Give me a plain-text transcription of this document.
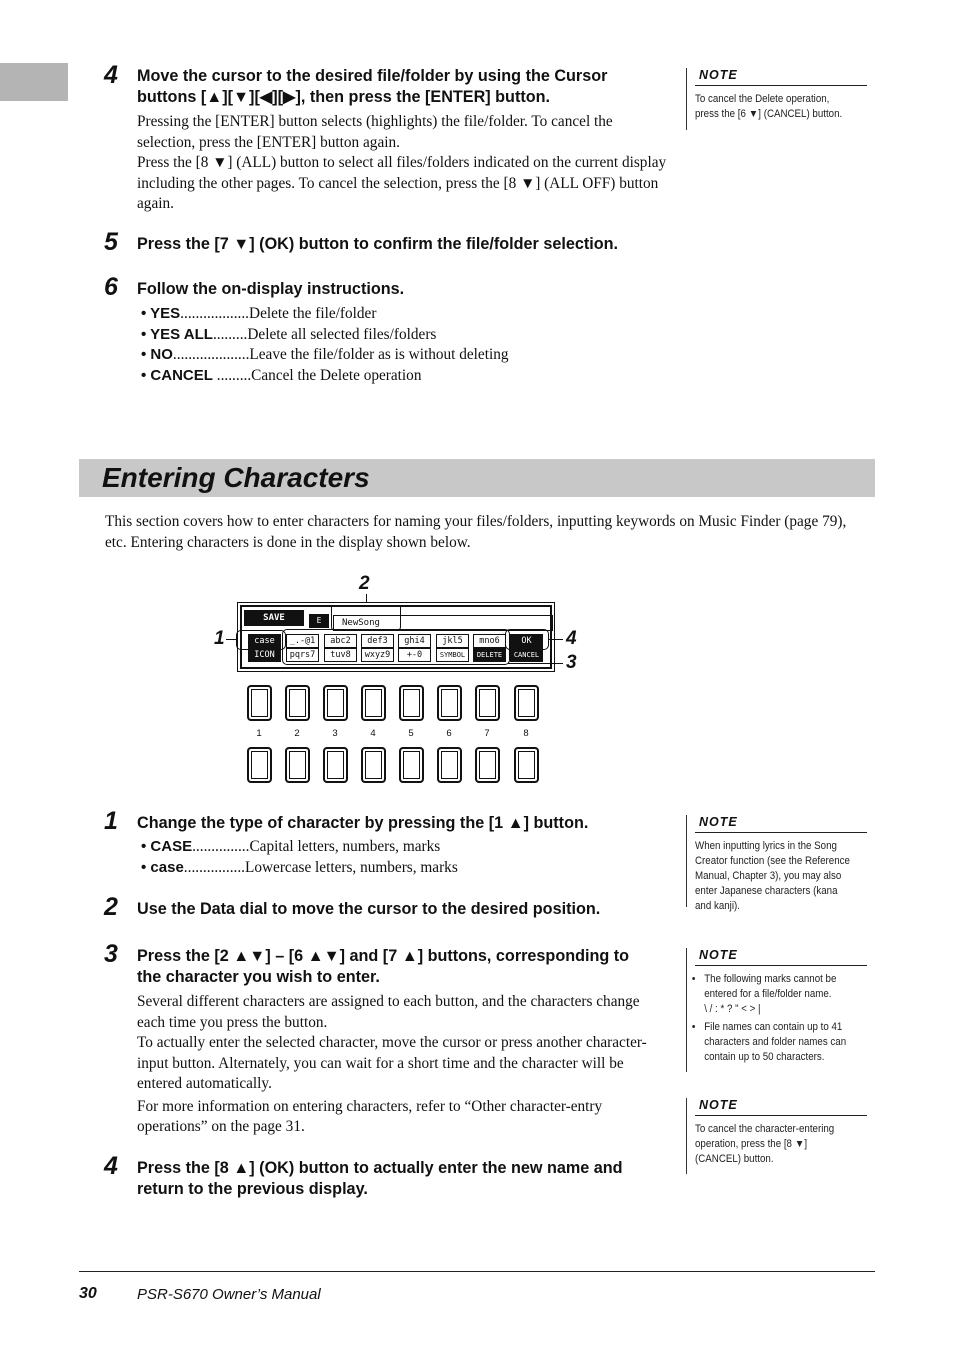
4 Move the cursor to the desired file/folder by using the Cursor
buttons [▲][▼][◀][▶], then press the [ENTER] button.
Pressing the [ENTER] button selects (highlights) the file/folder. To cancel the selection, press the [ENTER] button again.
Press the [8 ▼] (ALL) button to select all files/folders indicated on the current display including the other pages. To cancel the selection, press the [8 ▼] (ALL OFF) button again.
NOTE
To cancel the Delete operation, press the [6 ▼] (CANCEL) button.
5 Press the [7 ▼] (OK) button to confirm the file/folder selection.
6 Follow the on-display instructions.
• YES..................Delete the file/folder
• YES ALL.........Delete all selected files/folders
• NO....................Leave the file/folder as is without deleting
• CANCEL .........Cancel the Delete operation
Entering Characters
This section covers how to enter characters for naming your files/folders, inputting keywords on Music Finder (page 79), etc. Entering characters is done in the display shown below.
2
SAVE	E	NewSong
1	4
3
case	_.-@1	abc2	def3	ghi4	jkl5	mno6	OK
ICON	pqrs7	tuv8	wxyz9	+-0	SYMBOL	DELETE	CANCEL
1	2	3	4	5	6	7	8
1 Change the type of character by pressing the [1 ▲] button.
• CASE...............Capital letters, numbers, marks
• case................Lowercase letters, numbers, marks
2 Use the Data dial to move the cursor to the desired position.
3 Press the [2 ▲▼] – [6 ▲▼] and [7 ▲] buttons, corresponding to
the character you wish to enter.
Several different characters are assigned to each button, and the characters change each time you press the button.
To actually enter the selected character, move the cursor or press another character-input button. Alternately, you can wait for a short time and the character will be entered automatically.
For more information on entering characters, refer to “Other character-entry operations” on the page 31.
4 Press the [8 ▲] (OK) button to actually enter the new name and
return to the previous display.
NOTE
When inputting lyrics in the Song Creator function (see the Reference Manual, Chapter 3), you may also enter Japanese characters (kana and kanji).
NOTE
• The following marks cannot be entered for a file/folder name.
\ / : * ? " < > |
• File names can contain up to 41 characters and folder names can contain up to 50 characters.
NOTE
To cancel the character-entering operation, press the [8 ▼] (CANCEL) button.
30	PSR-S670 Owner’s Manual
